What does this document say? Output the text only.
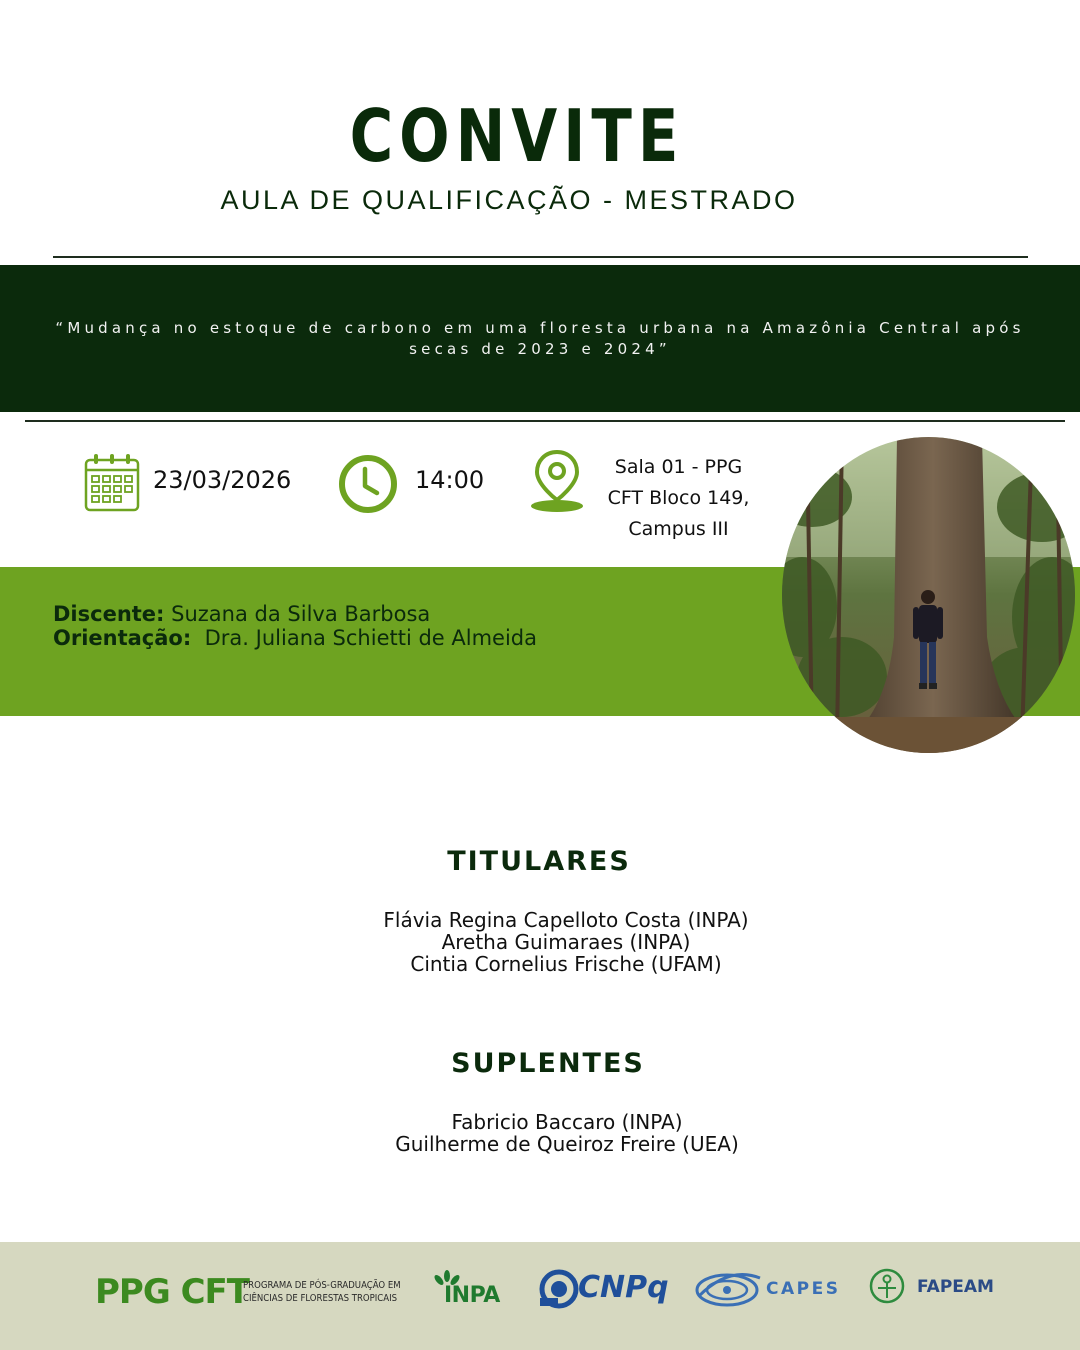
CONVITE
AULA DE QUALIFICAÇÃO - MESTRADO

“Mudança no estoque de carbono em uma floresta urbana na Amazônia Central após secas de 2023 e 2024”

23/03/2026	14:00	Sala 01 - PPG
CFT Bloco 149,
Campus III
Discente: Suzana da Silva Barbosa
Orientação: Dra. Juliana Schietti de Almeida
TITULARES
Flávia Regina Capelloto Costa (INPA)
Aretha Guimaraes (INPA)
Cintia Cornelius Frische (UFAM)
SUPLENTES
Fabricio Baccaro (INPA)
Guilherme de Queiroz Freire (UEA)
PPG CFT
PROGRAMA DE PÓS-GRADUAÇÃO EM
CIÊNCIAS DE FLORESTAS TROPICAIS INPA	CNPq	CAPES	FAPEAM
